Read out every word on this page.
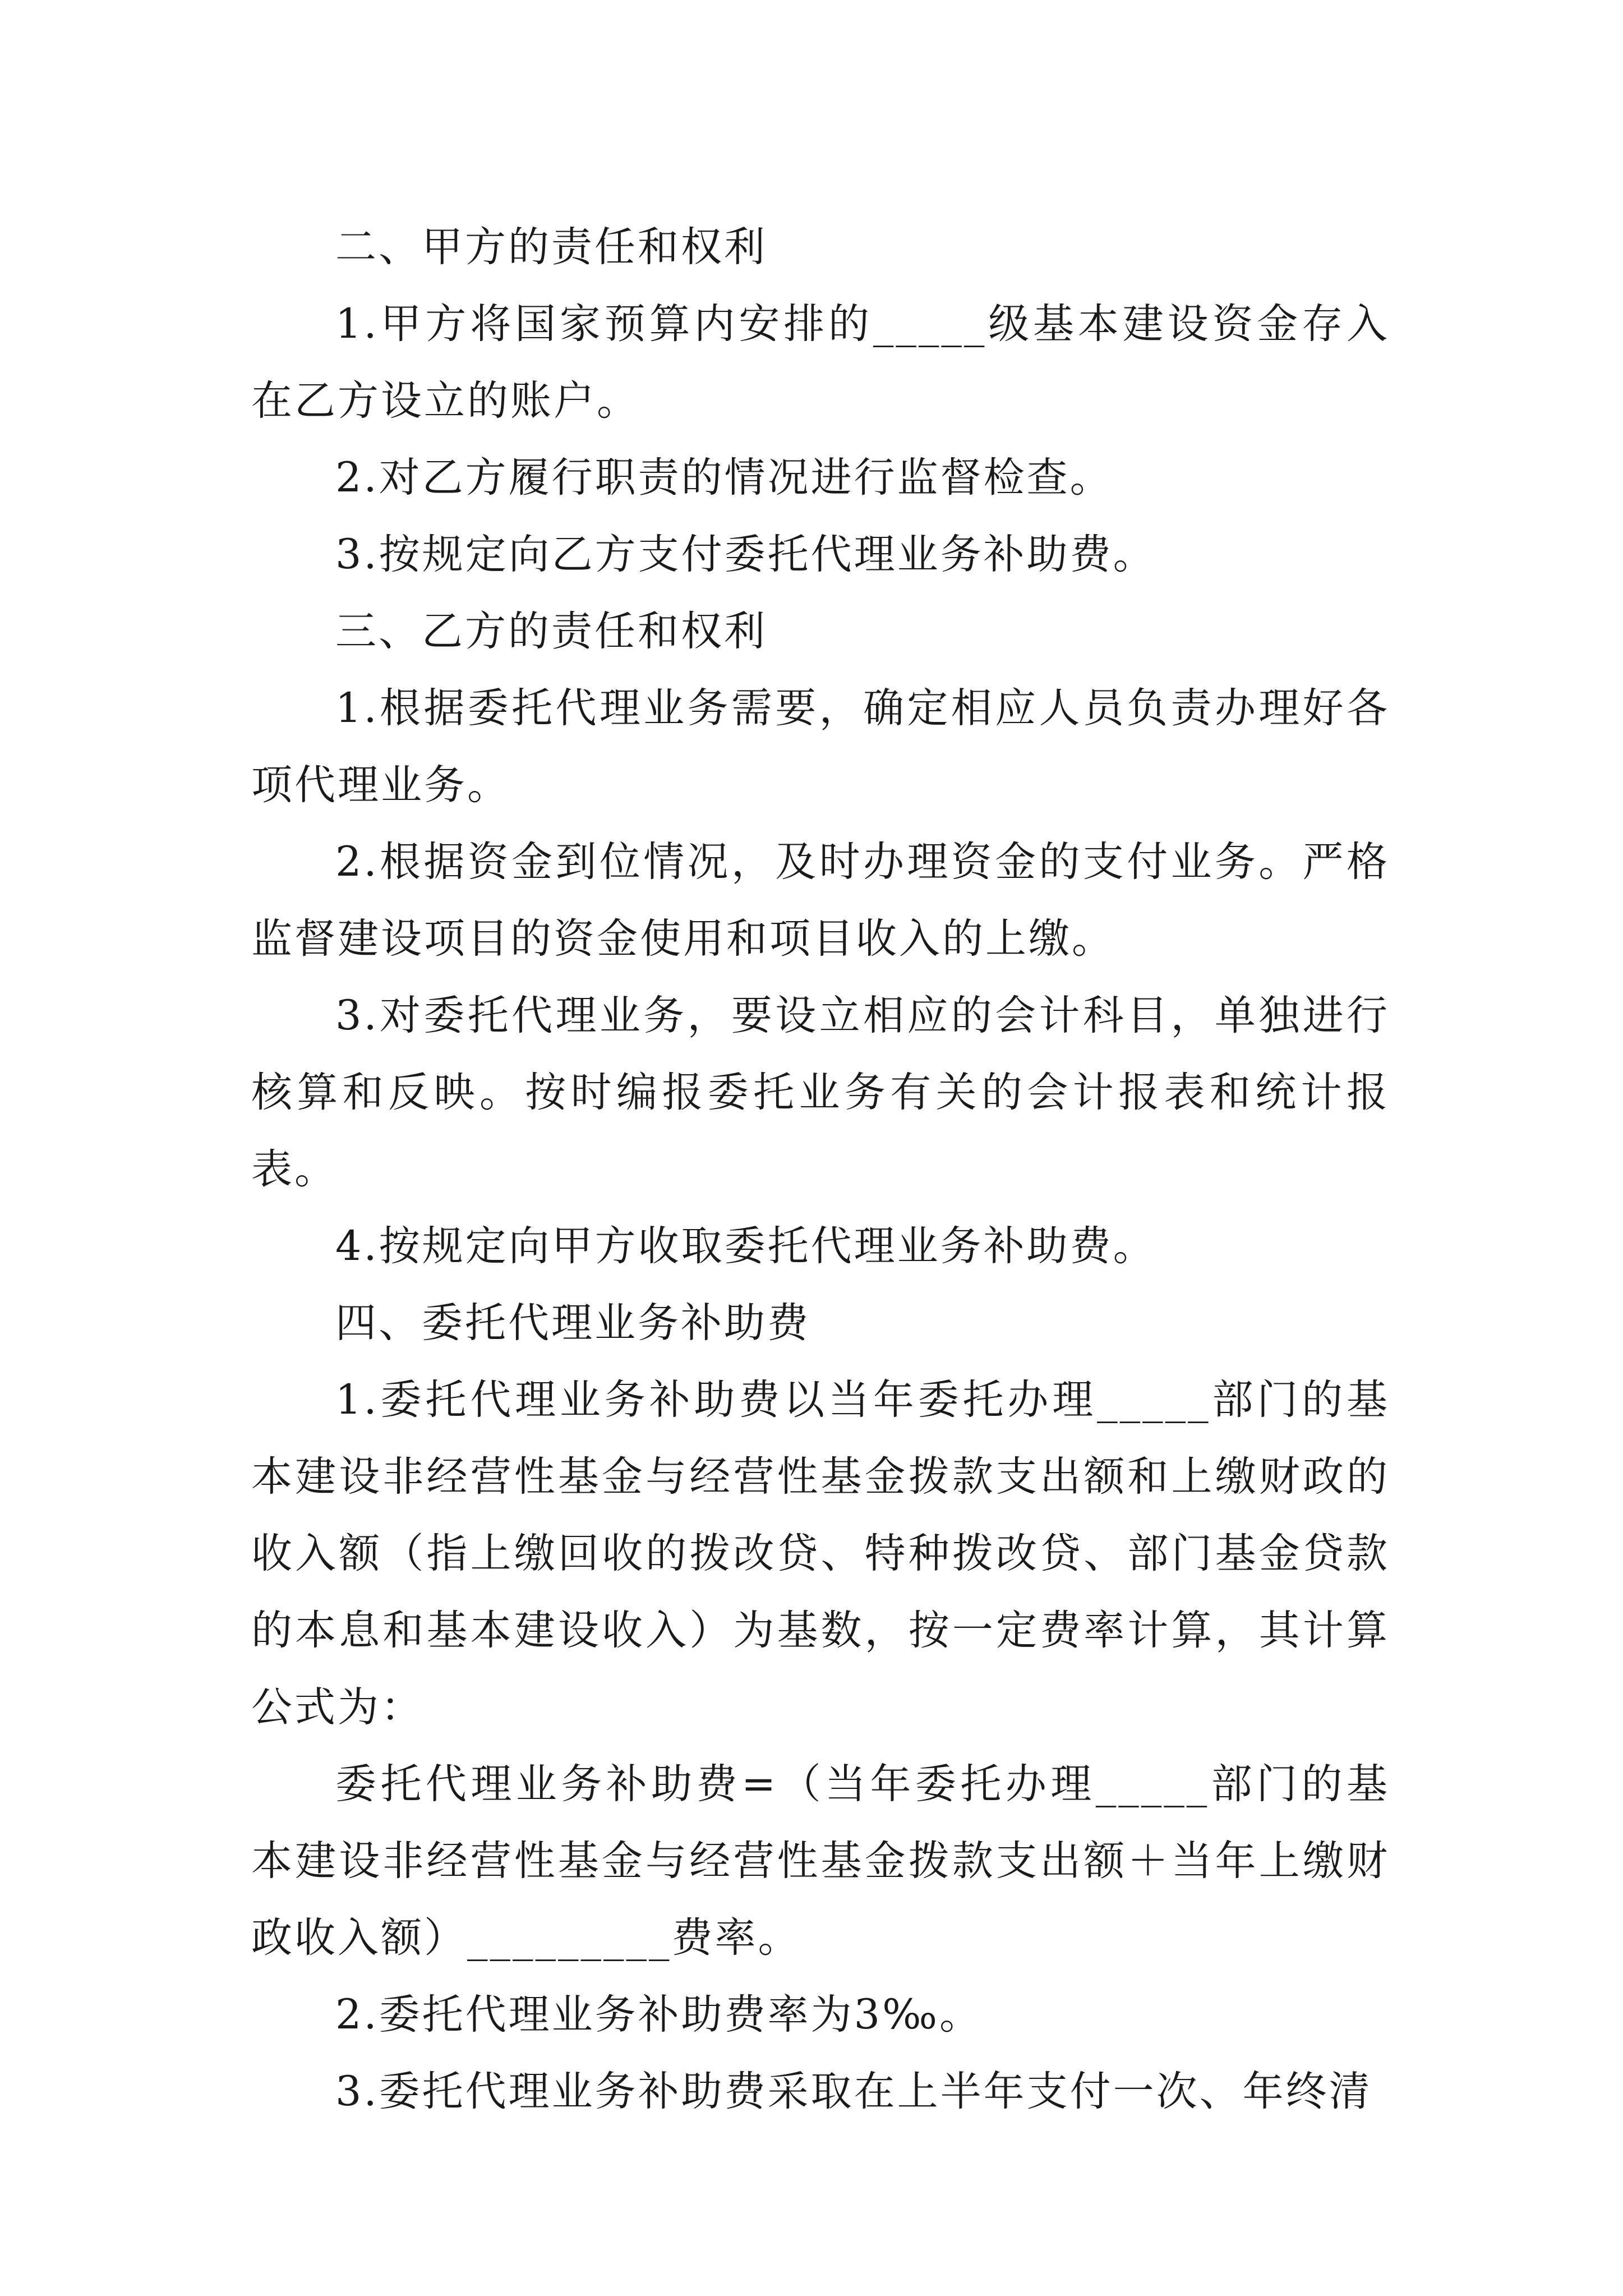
二、甲方的责任和权利

1.甲方将国家预算内安排的_____级基本建设资金存入在乙方设立的账户。

2.对乙方履行职责的情况进行监督检查。

3.按规定向乙方支付委托代理业务补助费。

三、乙方的责任和权利

1.根据委托代理业务需要，确定相应人员负责办理好各项代理业务。

2.根据资金到位情况，及时办理资金的支付业务。严格监督建设项目的资金使用和项目收入的上缴。

3.对委托代理业务，要设立相应的会计科目，单独进行核算和反映。按时编报委托业务有关的会计报表和统计报表。

4.按规定向甲方收取委托代理业务补助费。

四、委托代理业务补助费

1.委托代理业务补助费以当年委托办理_____部门的基本建设非经营性基金与经营性基金拨款支出额和上缴财政的收入额（指上缴回收的拨改贷、特种拨改贷、部门基金贷款的本息和基本建设收入）为基数，按一定费率计算，其计算公式为：

委托代理业务补助费=（当年委托办理_____部门的基本建设非经营性基金与经营性基金拨款支出额＋当年上缴财政收入额）_________费率。

2.委托代理业务补助费率为3‰。

3.委托代理业务补助费采取在上半年支付一次、年终清
